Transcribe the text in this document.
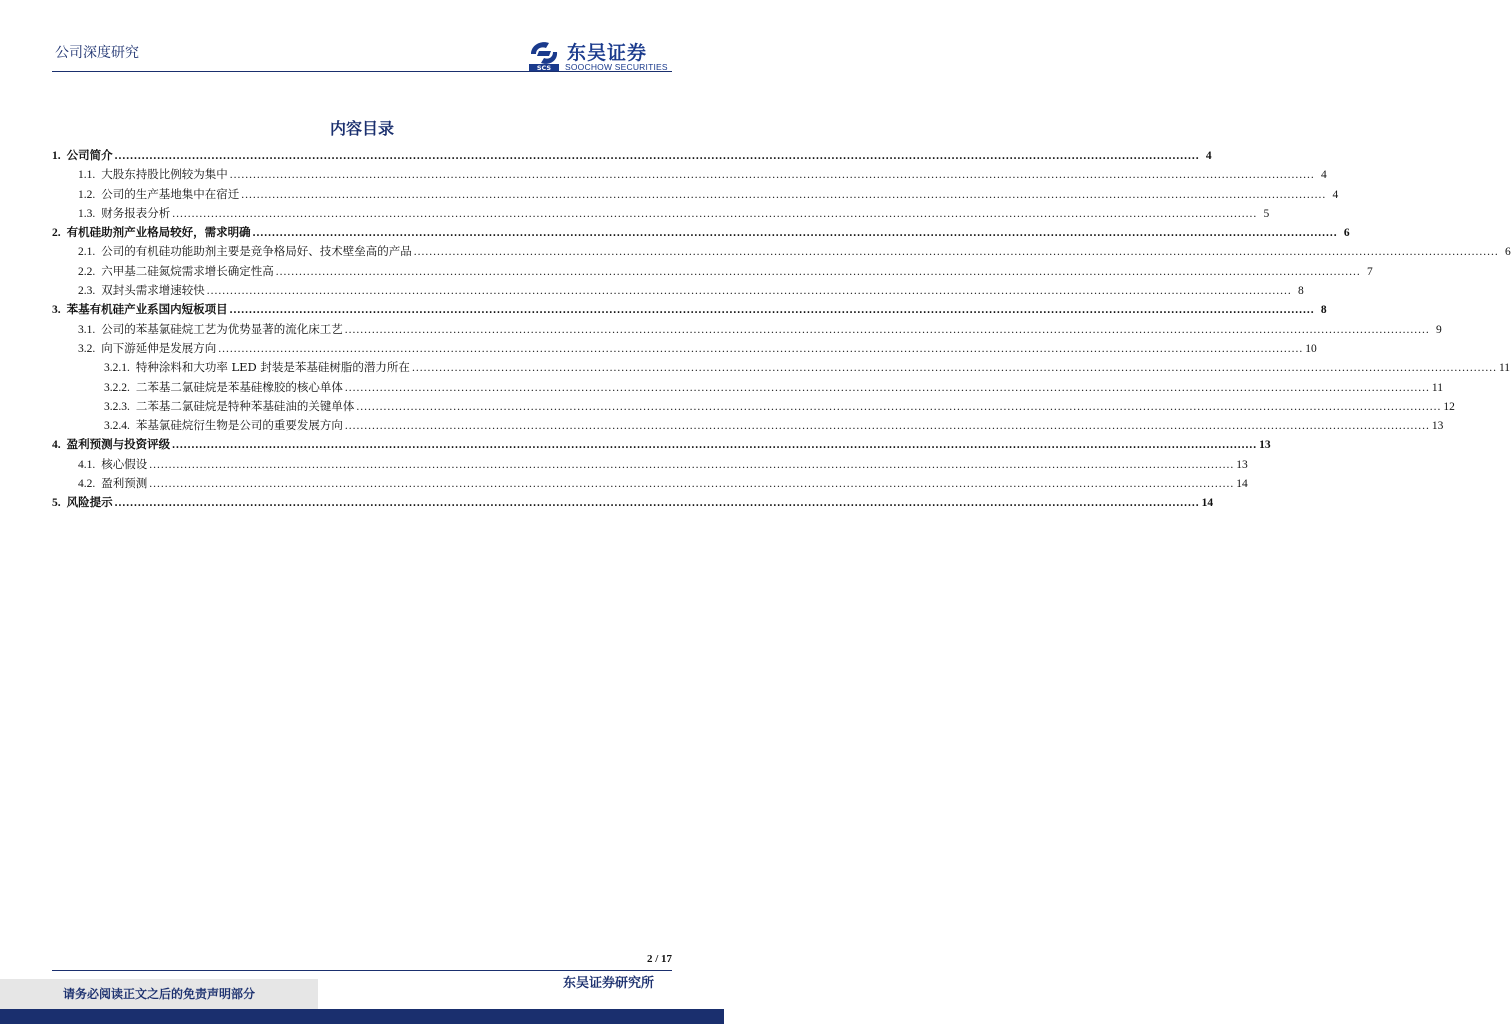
公司深度研究
SCS
东吴证券
SOOCHOW SECURITIES
内容目录
1. 公司简介 .....	4
1.1. 大股东持股比例较为集中 .....	4
1.2. 公司的生产基地集中在宿迁 .....	4
1.3. 财务报表分析 .....	5
2. 有机硅助剂产业格局较好，需求明确 .....	6
2.1. 公司的有机硅功能助剂主要是竞争格局好、技术壁垒高的产品 .....	6
2.2. 六甲基二硅氮烷需求增长确定性高 .....	7
2.3. 双封头需求增速较快 .....	8
3. 苯基有机硅产业系国内短板项目 .....	8
3.1. 公司的苯基氯硅烷工艺为优势显著的流化床工艺 .....	9
3.2. 向下游延伸是发展方向 .....	10
3.2.1. 特种涂料和大功率 LED 封装是苯基硅树脂的潜力所在 .....	11
3.2.2. 二苯基二氯硅烷是苯基硅橡胶的核心单体 .....	11
3.2.3. 二苯基二氯硅烷是特种苯基硅油的关键单体 .....	12
3.2.4. 苯基氯硅烷衍生物是公司的重要发展方向 .....	13
4. 盈利预测与投资评级 .....	13
4.1. 核心假设 .....	13
4.2. 盈利预测 .....	14
5. 风险提示 .....	14
2 / 17
请务必阅读正文之后的免责声明部分
东吴证券研究所
